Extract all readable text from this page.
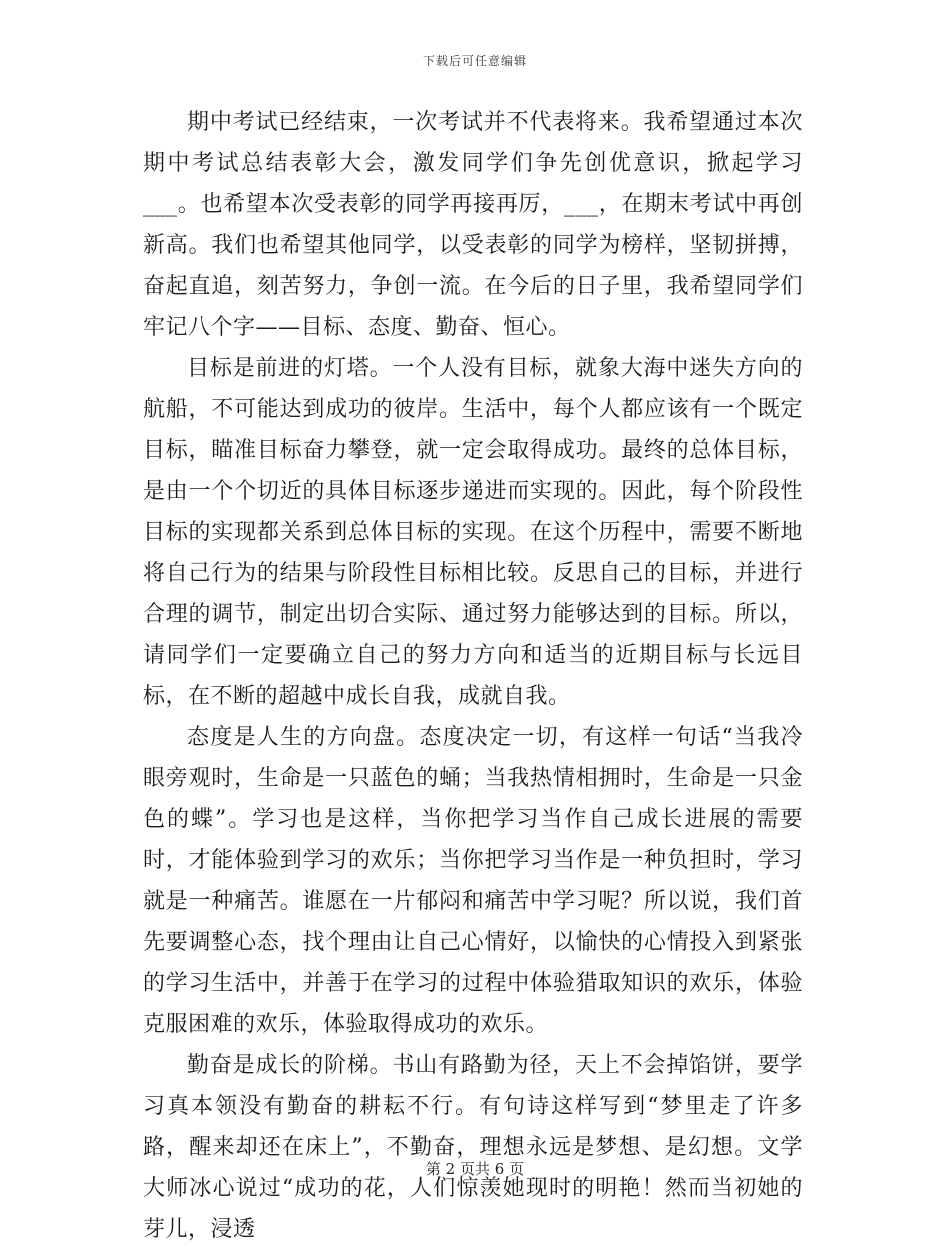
下载后可任意编辑

期中考试已经结束，一次考试并不代表将来。我希望通过本次期中考试总结表彰大会，激发同学们争先创优意识，掀起学习___。也希望本次受表彰的同学再接再厉，___，在期末考试中再创新高。我们也希望其他同学，以受表彰的同学为榜样，坚韧拼搏，奋起直追，刻苦努力，争创一流。在今后的日子里，我希望同学们牢记八个字——目标、态度、勤奋、恒心。

目标是前进的灯塔。一个人没有目标，就象大海中迷失方向的航船，不可能达到成功的彼岸。生活中，每个人都应该有一个既定目标，瞄准目标奋力攀登，就一定会取得成功。最终的总体目标，是由一个个切近的具体目标逐步递进而实现的。因此，每个阶段性目标的实现都关系到总体目标的实现。在这个历程中，需要不断地将自己行为的结果与阶段性目标相比较。反思自己的目标，并进行合理的调节，制定出切合实际、通过努力能够达到的目标。所以，请同学们一定要确立自己的努力方向和适当的近期目标与长远目标，在不断的超越中成长自我，成就自我。

态度是人生的方向盘。态度决定一切，有这样一句话“当我冷眼旁观时，生命是一只蓝色的蛹；当我热情相拥时，生命是一只金色的蝶”。学习也是这样，当你把学习当作自己成长进展的需要时，才能体验到学习的欢乐；当你把学习当作是一种负担时，学习就是一种痛苦。谁愿在一片郁闷和痛苦中学习呢？所以说，我们首先要调整心态，找个理由让自己心情好，以愉快的心情投入到紧张的学习生活中，并善于在学习的过程中体验猎取知识的欢乐，体验克服困难的欢乐，体验取得成功的欢乐。

勤奋是成长的阶梯。书山有路勤为径，天上不会掉馅饼，要学习真本领没有勤奋的耕耘不行。有句诗这样写到“梦里走了许多路，醒来却还在床上”，不勤奋，理想永远是梦想、是幻想。文学大师冰心说过“成功的花，人们惊羡她现时的明艳！然而当初她的芽儿，浸透

第 2 页共 6 页
